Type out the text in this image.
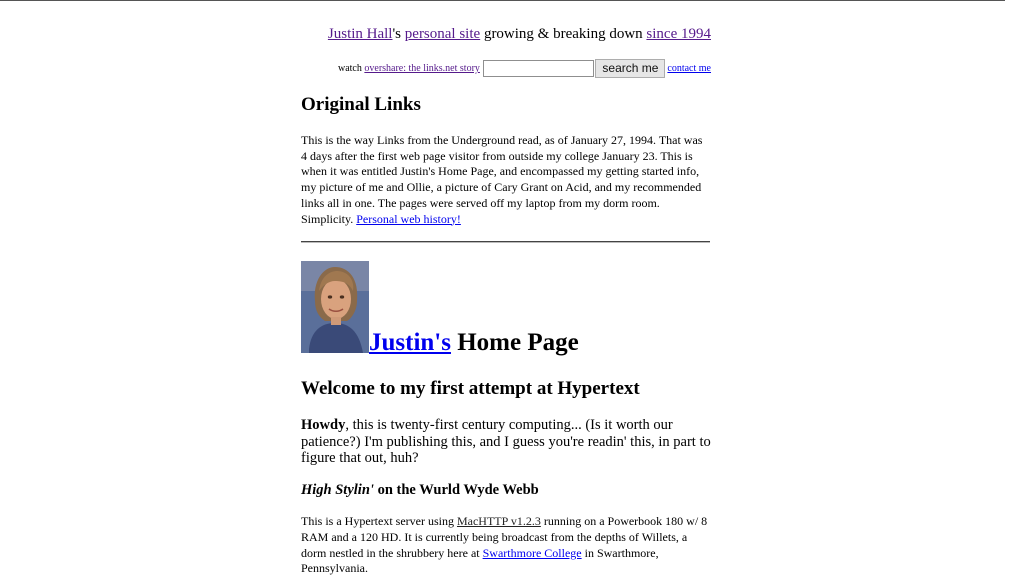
Justin Hall's personal site growing & breaking down since 1994
watch overshare: the links.net story	search me contact me
Original Links

This is the way Links from the Underground read, as of January 27, 1994. That was 4 days after the first web page visitor from outside my college January 23. This is when it was entitled Justin's Home Page, and encompassed my getting started info, my picture of me and Ollie, a picture of Cary Grant on Acid, and my recommended links all in one. The pages were served off my laptop from my dorm room. Simplicity. Personal web history!

Justin's Home Page
Welcome to my first attempt at Hypertext

Howdy, this is twenty-first century computing... (Is it worth our patience?) I'm publishing this, and I guess you're readin' this, in part to figure that out, huh?

High Stylin' on the Wurld Wyde Webb

This is a Hypertext server using MacHTTP v1.2.3 running on a Powerbook 180 w/ 8 RAM and a 120 HD. It is currently being broadcast from the depths of Willets, a dorm nestled in the shrubbery here at Swarthmore College in Swarthmore, Pennsylvania.
